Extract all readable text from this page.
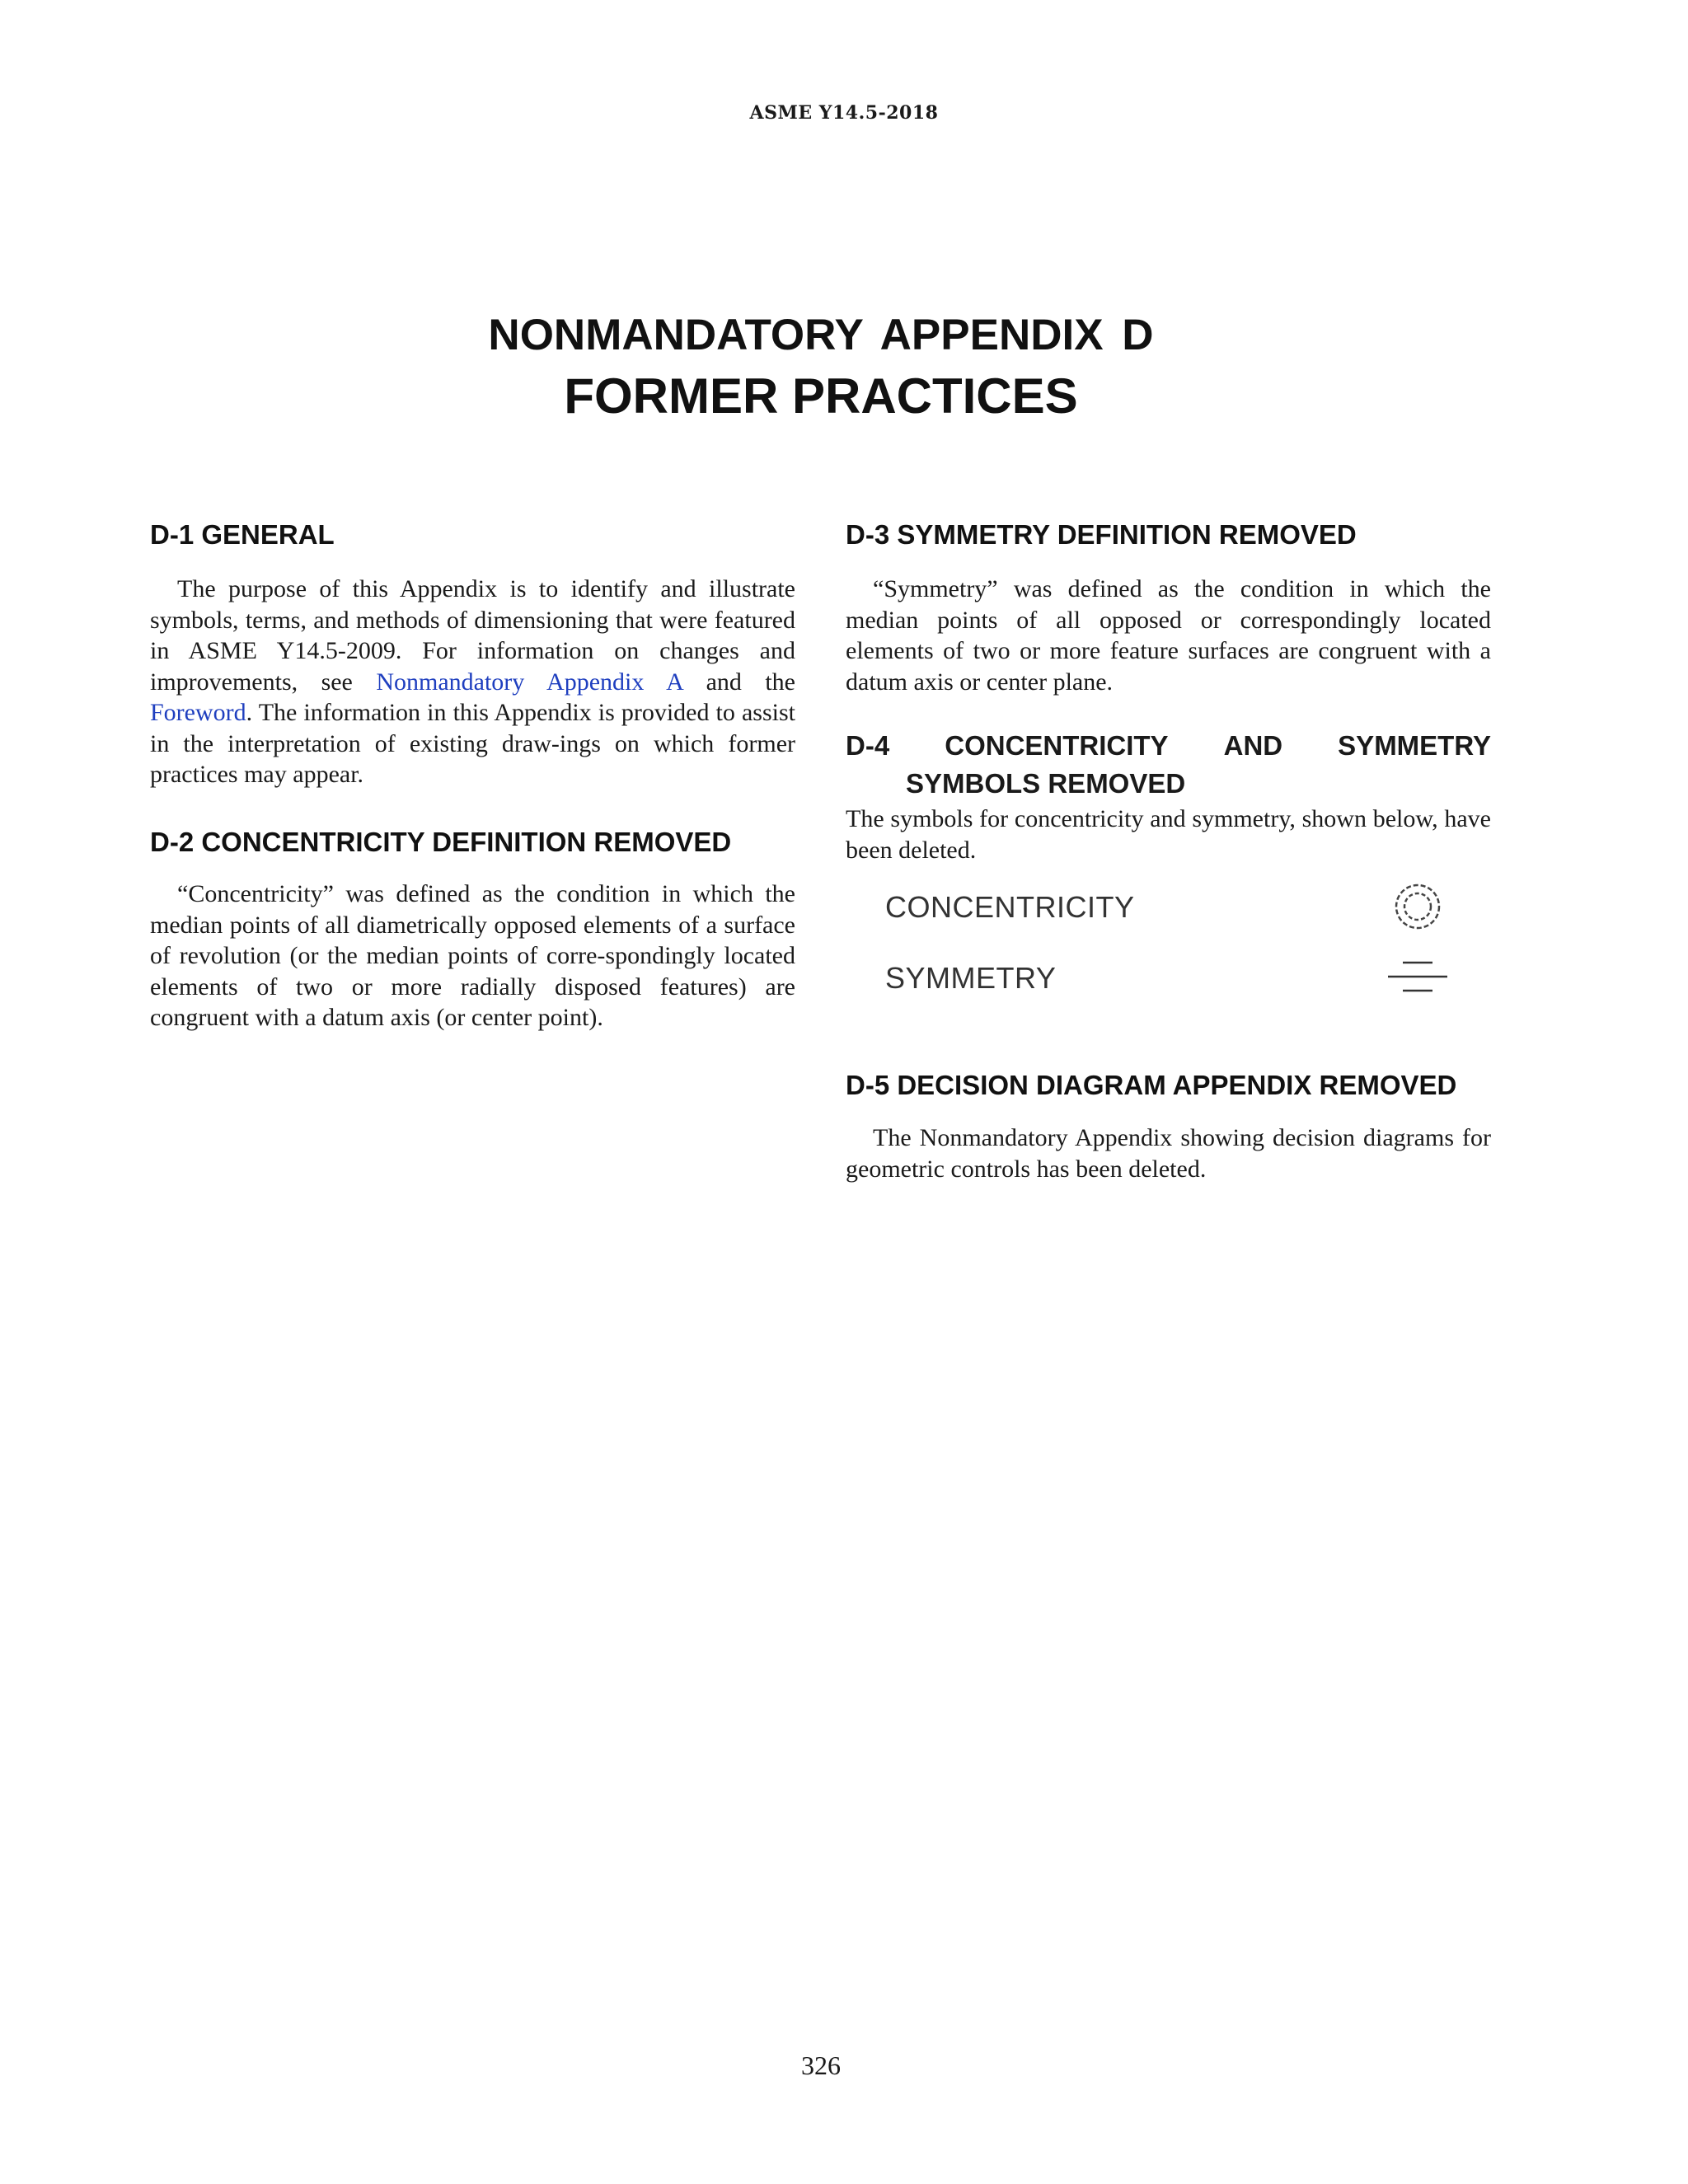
ASME Y14.5-2018
NONMANDATORY APPENDIX D
FORMER PRACTICES
D-1 GENERAL
The purpose of this Appendix is to identify and illustrate symbols, terms, and methods of dimensioning that were featured in ASME Y14.5-2009. For information on changes and improvements, see Nonmandatory Appendix A and the Foreword. The information in this Appendix is provided to assist in the interpretation of existing draw-ings on which former practices may appear.
D-2 CONCENTRICITY DEFINITION REMOVED
“Concentricity” was defined as the condition in which the median points of all diametrically opposed elements of a surface of revolution (or the median points of corre-spondingly located elements of two or more radially disposed features) are congruent with a datum axis (or center point).
D-3 SYMMETRY DEFINITION REMOVED
“Symmetry” was defined as the condition in which the median points of all opposed or correspondingly located elements of two or more feature surfaces are congruent with a datum axis or center plane.
D-4 CONCENTRICITY AND SYMMETRY
SYMBOLS REMOVED
The symbols for concentricity and symmetry, shown below, have been deleted.
CONCENTRICITY
SYMMETRY
D-5 DECISION DIAGRAM APPENDIX REMOVED
The Nonmandatory Appendix showing decision diagrams for geometric controls has been deleted.
326
